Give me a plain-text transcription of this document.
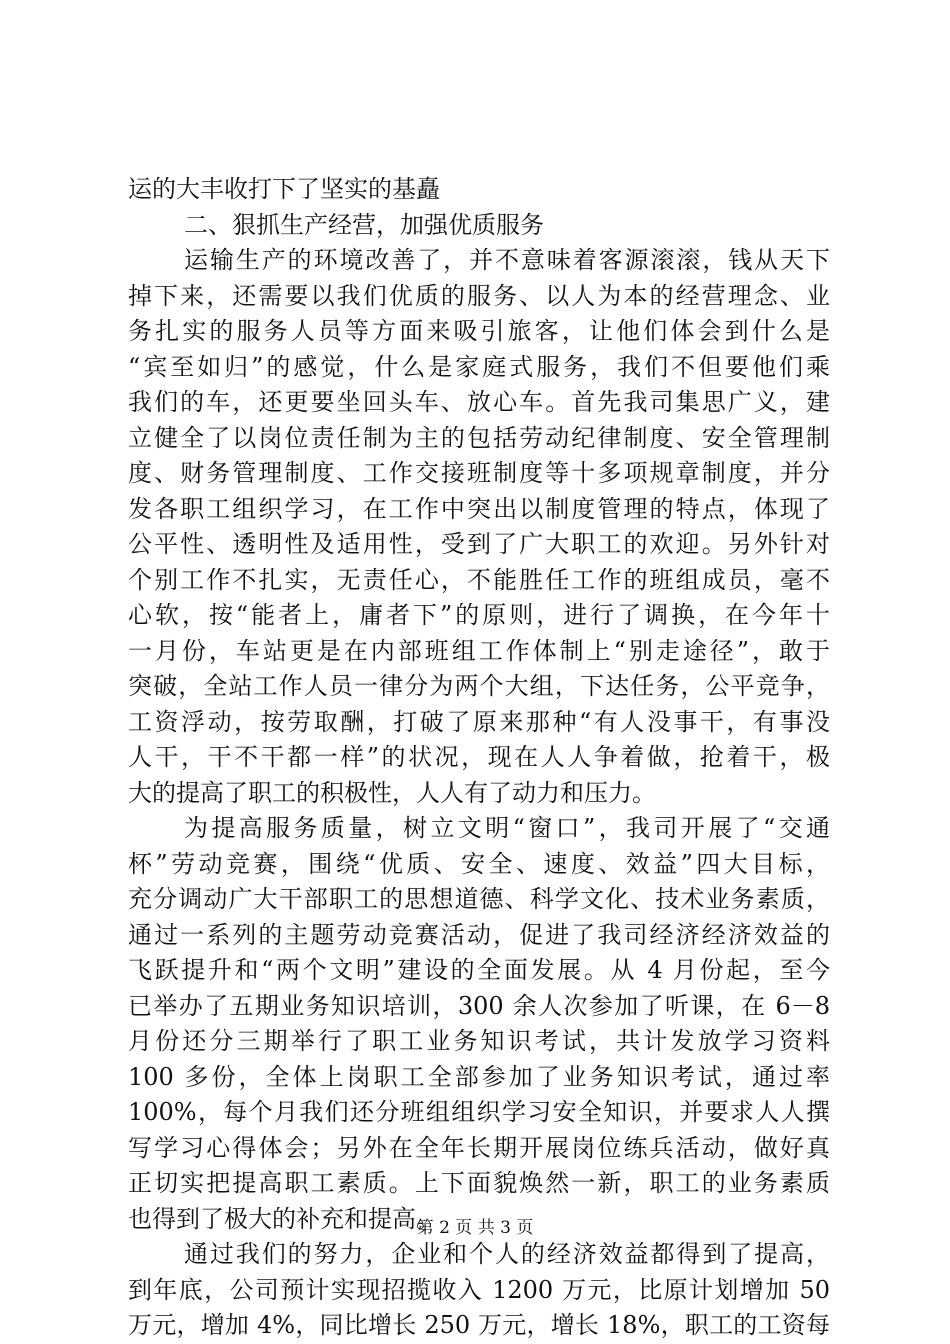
运的大丰收打下了坚实的基矗
二、狠抓生产经营，加强优质服务
运输生产的环境改善了，并不意味着客源滚滚，钱从天下
掉下来，还需要以我们优质的服务、以人为本的经营理念、业
务扎实的服务人员等方面来吸引旅客，让他们体会到什么是
“宾至如归”的感觉，什么是家庭式服务，我们不但要他们乘
我们的车，还更要坐回头车、放心车。首先我司集思广义，建
立健全了以岗位责任制为主的包括劳动纪律制度、安全管理制
度、财务管理制度、工作交接班制度等十多项规章制度，并分
发各职工组织学习，在工作中突出以制度管理的特点，体现了
公平性、透明性及适用性，受到了广大职工的欢迎。另外针对
个别工作不扎实，无责任心，不能胜任工作的班组成员，毫不
心软，按“能者上，庸者下”的原则，进行了调换，在今年十
一月份，车站更是在内部班组工作体制上“别走途径”，敢于
突破，全站工作人员一律分为两个大组，下达任务，公平竞争，
工资浮动，按劳取酬，打破了原来那种“有人没事干，有事没
人干，干不干都一样”的状况，现在人人争着做，抢着干，极
大的提高了职工的积极性，人人有了动力和压力。
为提高服务质量，树立文明“窗口”，我司开展了“交通
杯”劳动竞赛，围绕“优质、安全、速度、效益”四大目标，
充分调动广大干部职工的思想道德、科学文化、技术业务素质，
通过一系列的主题劳动竞赛活动，促进了我司经济经济效益的
飞跃提升和“两个文明”建设的全面发展。从 4 月份起，至今
已举办了五期业务知识培训，300 余人次参加了听课，在 6－8
月份还分三期举行了职工业务知识考试，共计发放学习资料
100 多份，全体上岗职工全部参加了业务知识考试，通过率
100%，每个月我们还分班组组织学习安全知识，并要求人人撰
写学习心得体会；另外在全年长期开展岗位练兵活动，做好真
正切实把提高职工素质。上下面貌焕然一新，职工的业务素质
也得到了极大的补充和提高。
通过我们的努力，企业和个人的经济效益都得到了提高，
到年底，公司预计实现招揽收入 1200 万元，比原计划增加 50
万元，增加 4%，同比增长 250 万元，增长 18%，职工的工资每
第 2 页 共 3 页
